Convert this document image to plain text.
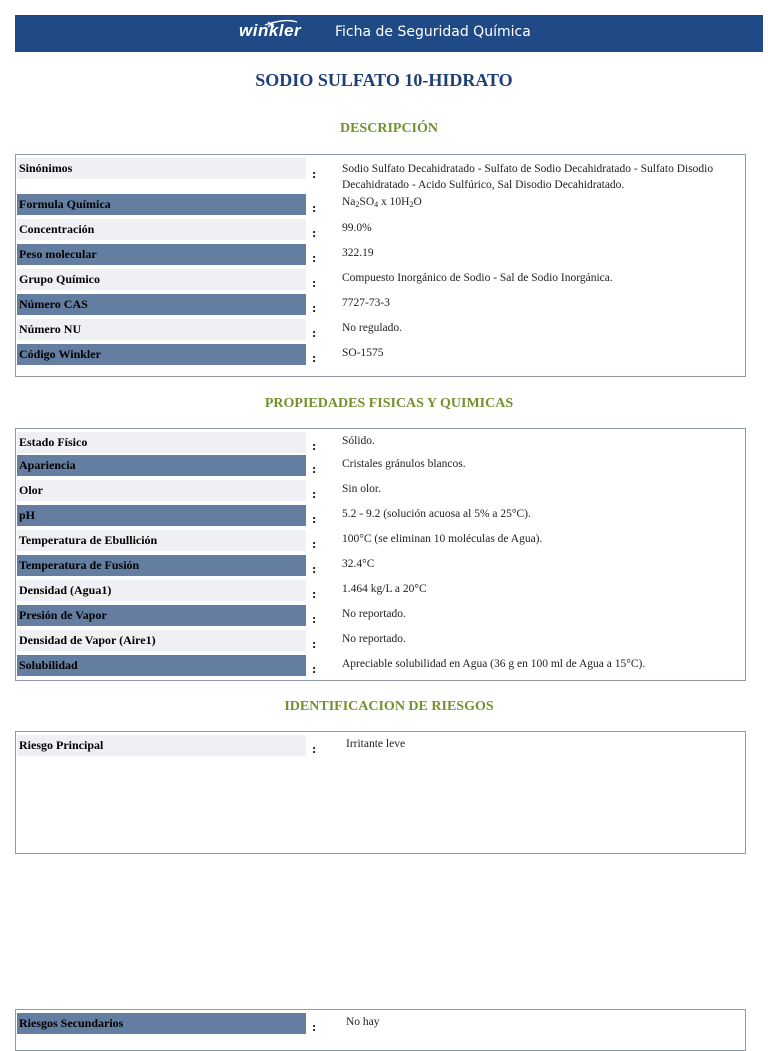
winkler Ficha de Seguridad Química
SODIO SULFATO 10-HIDRATO
DESCRIPCIÓN
Sinónimos	: Sodio Sulfato Decahidratado - Sulfato de Sodio Decahidratado - Sulfato Disodio Decahidratado - Acido Sulfúrico, Sal Disodio Decahidratado.
Formula Química	: $Na_2SO_4$ x $10H_2O$
Concentración	: 99.0%
Peso molecular	: 322.19
Grupo Químico	: Compuesto Inorgánico de Sodio - Sal de Sodio Inorgánica.
Número CAS	: 7727-73-3
Número NU	: No regulado.
Código Winkler	: SO-1575
PROPIEDADES FISICAS Y QUIMICAS
Estado Físico	: Sólido.
Apariencia	: Cristales gránulos blancos.
Olor	: Sin olor.
pH	: 5.2 - 9.2 (solución acuosa al 5% a 25°C).
Temperatura de Ebullición	: 100°C (se eliminan 10 moléculas de Agua).
Temperatura de Fusión	: 32.4°C
Densidad (Agua1)	: 1.464 kg/L a 20°C
Presión de Vapor	: No reportado.
Densidad de Vapor (Aire1)	: No reportado.
Solubilidad	: Apreciable solubilidad en Agua (36 g en 100 ml de Agua a 15°C).
IDENTIFICACION DE RIESGOS
Riesgo Principal	:	Irritante leve
Riesgos Secundarios	:	No hay
